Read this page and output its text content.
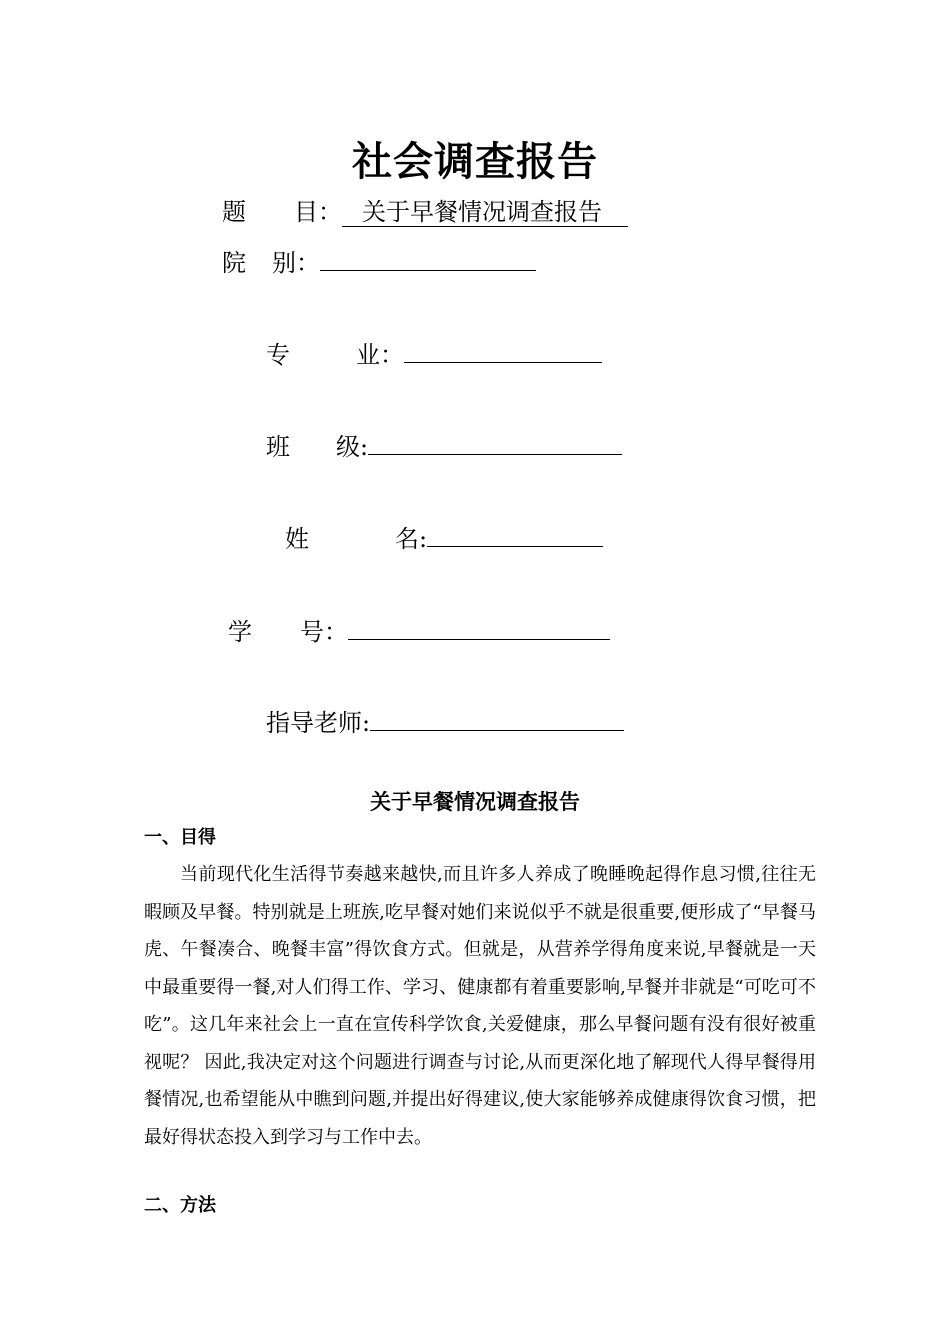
社会调查报告
题 目： 关于早餐情况调查报告
院 别：
专	业：
班 级:
姓	名:
学 号：
指导老师:
关于早餐情况调查报告
一、目得

当前现代化生活得节奏越来越快,而且许多人养成了晚睡晚起得作息习惯,往往无暇顾及早餐。特别就是上班族,吃早餐对她们来说似乎不就是很重要,便形成了“早餐马虎、午餐凑合、晚餐丰富”得饮食方式。但就是，从营养学得角度来说,早餐就是一天中最重要得一餐,对人们得工作、学习、健康都有着重要影响,早餐并非就是“可吃可不吃”。这几年来社会上一直在宣传科学饮食,关爱健康，那么早餐问题有没有很好被重视呢？ 因此,我决定对这个问题进行调查与讨论,从而更深化地了解现代人得早餐得用餐情况,也希望能从中瞧到问题,并提出好得建议,使大家能够养成健康得饮食习惯，把最好得状态投入到学习与工作中去。

二、方法
